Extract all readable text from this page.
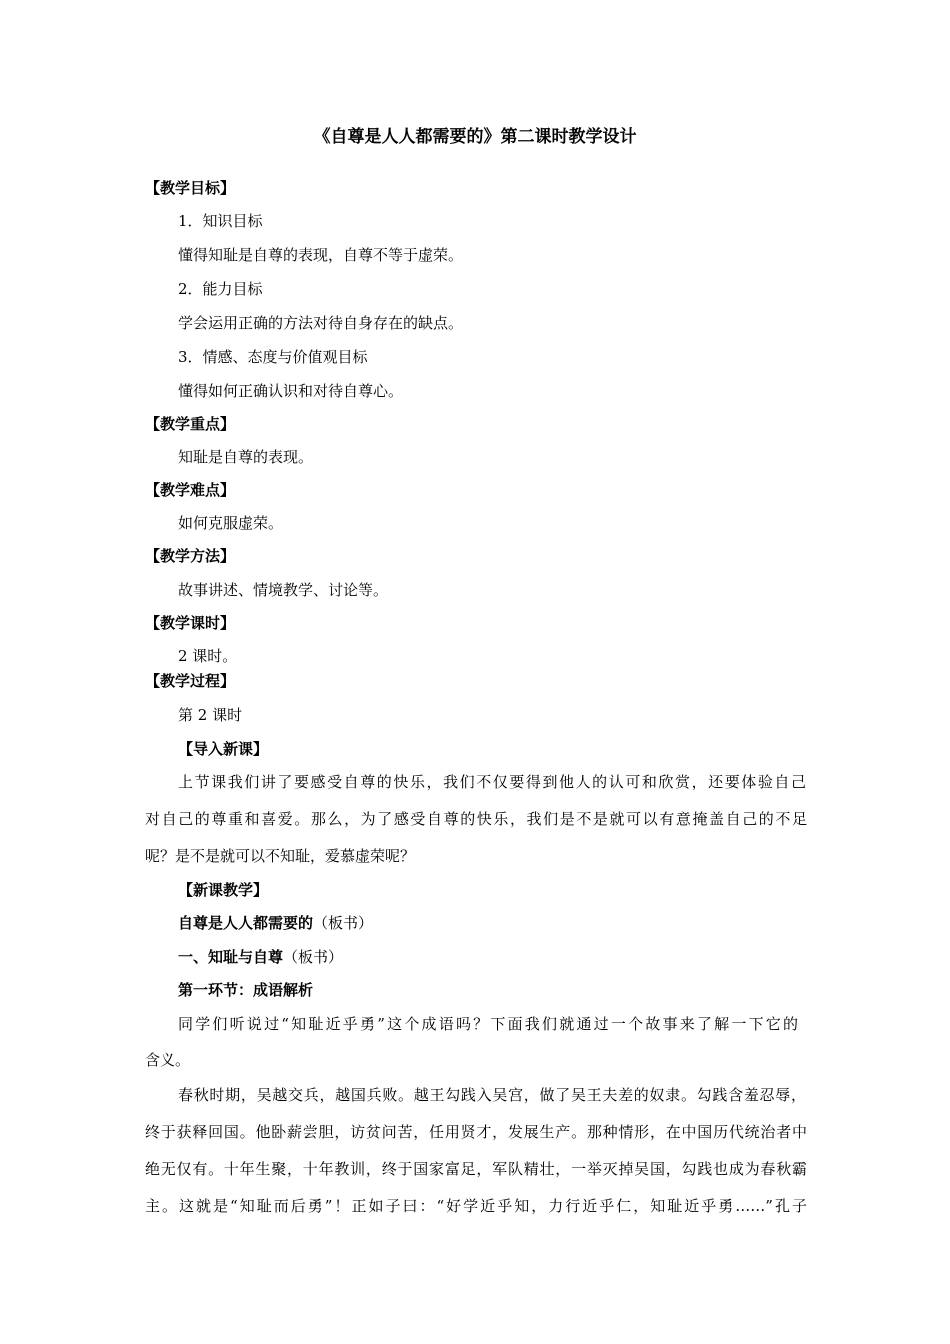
《自尊是人人都需要的》第二课时教学设计
【教学目标】
1．知识目标
懂得知耻是自尊的表现，自尊不等于虚荣。
2．能力目标
学会运用正确的方法对待自身存在的缺点。
3．情感、态度与价值观目标
懂得如何正确认识和对待自尊心。
【教学重点】
知耻是自尊的表现。
【教学难点】
如何克服虚荣。
【教学方法】
故事讲述、情境教学、讨论等。
【教学课时】
2 课时。
【教学过程】
第 2 课时
【导入新课】
上节课我们讲了要感受自尊的快乐，我们不仅要得到他人的认可和欣赏，还要体验自己
对自己的尊重和喜爱。那么，为了感受自尊的快乐，我们是不是就可以有意掩盖自己的不足
呢？是不是就可以不知耻，爱慕虚荣呢？
【新课教学】
自尊是人人都需要的（板书）
一、知耻与自尊（板书）
第一环节：成语解析
同学们听说过“知耻近乎勇”这个成语吗？下面我们就通过一个故事来了解一下它的
含义。
春秋时期，吴越交兵，越国兵败。越王勾践入吴宫，做了吴王夫差的奴隶。勾践含羞忍辱，
终于获释回国。他卧薪尝胆，访贫问苦，任用贤才，发展生产。那种情形，在中国历代统治者中
绝无仅有。十年生聚，十年教训，终于国家富足，军队精壮，一举灭掉吴国，勾践也成为春秋霸
主。这就是“知耻而后勇”！正如子曰：“好学近乎知，力行近乎仁，知耻近乎勇……”孔子
